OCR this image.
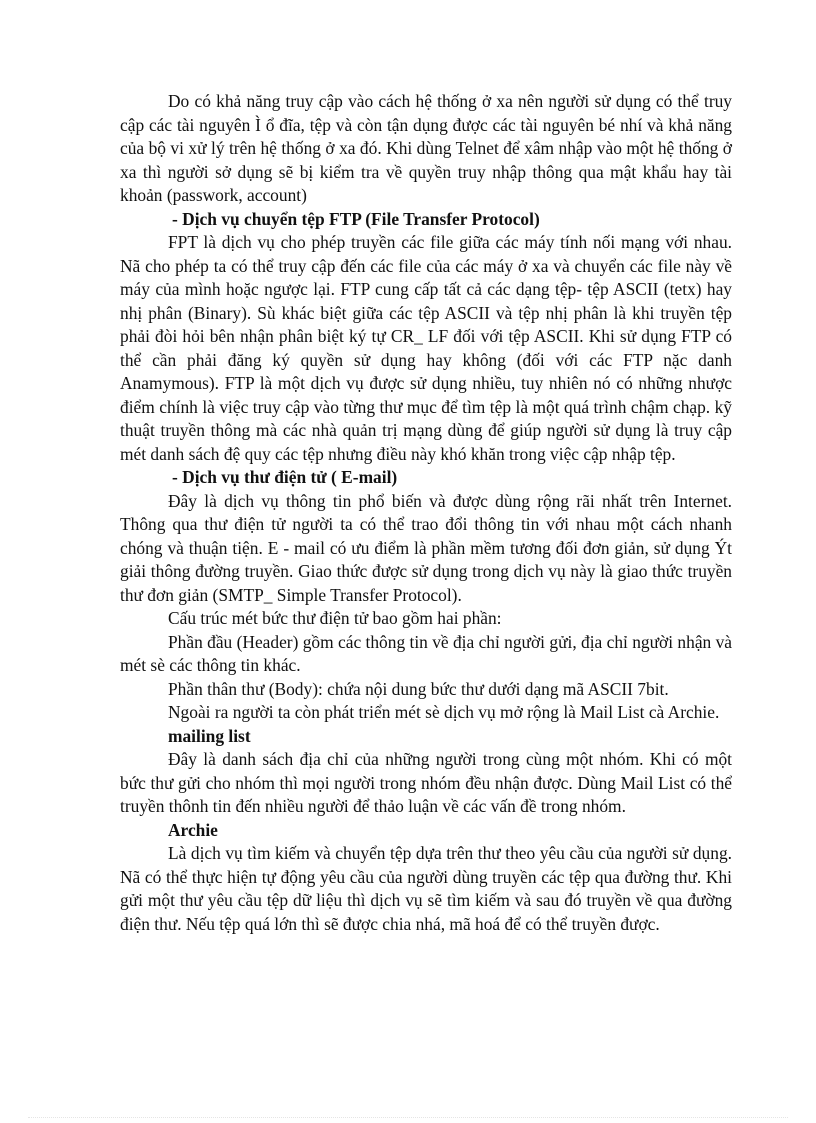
Do có khả năng truy cập vào cách hệ thống ở xa nên người sử dụng có thể truy cập các tài nguyên Ì ổ đĩa, tệp và còn tận dụng được các tài nguyên bé nhí và khả năng của bộ vi xử lý trên hệ thống ở xa đó. Khi dùng Telnet để xâm nhập vào một hệ thống ở xa thì người sở dụng sẽ bị kiểm tra về quyền truy nhập thông qua mật khẩu hay tài khoản (passwork, account)

- Dịch vụ chuyển tệp FTP (File Transfer Protocol)

FPT là dịch vụ cho phép truyền các file giữa các máy tính nối mạng với nhau. Nã cho phép ta có thể truy cập đến các file của các máy ở xa và chuyển các file này về máy của mình hoặc ngược lại. FTP cung cấp tất cả các dạng tệp- tệp ASCII (tetx) hay nhị phân (Binary). Sù khác biệt giữa các tệp ASCII và tệp nhị phân là khi truyền tệp phải đòi hỏi bên nhận phân biệt ký tự CR_ LF đối với tệp ASCII. Khi sử dụng FTP có thể cần phải đăng ký quyền sử dụng hay không (đối với các FTP nặc danh Anamymous). FTP là một dịch vụ được sử dụng nhiều, tuy nhiên nó có những nhược điểm chính là việc truy cập vào từng thư mục để tìm tệp là một quá trình chậm chạp. kỹ thuật truyền thông mà các nhà quản trị mạng dùng để giúp người sử dụng là truy cập mét danh sách đệ quy các tệp nhưng điều này khó khăn trong việc cập nhập tệp.

- Dịch vụ thư điện tử ( E-mail)

Đây là dịch vụ thông tin phổ biến và được dùng rộng rãi nhất trên Internet. Thông qua thư điện tử người ta có thể trao đổi thông tin với nhau một cách nhanh chóng và thuận tiện. E - mail có ưu điểm là phần mềm tương đối đơn giản, sử dụng Ýt giải thông đường truyền. Giao thức được sử dụng trong dịch vụ này là giao thức truyền thư đơn giản (SMTP_ Simple Transfer Protocol).

Cấu trúc mét bức thư điện tử bao gồm hai phần:

Phần đầu (Header) gồm các thông tin về địa chỉ người gửi, địa chỉ người nhận và mét sè các thông tin khác.

Phần thân thư (Body): chứa nội dung bức thư dưới dạng mã ASCII 7bit.

Ngoài ra người ta còn phát triển mét sè dịch vụ mở rộng là Mail List cà Archie.

mailing list

Đây là danh sách địa chỉ của những người trong cùng một nhóm. Khi có một bức thư gửi cho nhóm thì mọi người trong nhóm đều nhận được. Dùng Mail List có thể truyền thônh tin đến nhiều người để thảo luận về các vấn đề trong nhóm.

Archie

Là dịch vụ tìm kiếm và chuyển tệp dựa trên thư theo yêu cầu của người sử dụng. Nã có thể thực hiện tự động yêu cầu của người dùng truyền các tệp qua đường thư. Khi gửi một thư yêu cầu tệp dữ liệu thì dịch vụ sẽ tìm kiếm và sau đó truyền về qua đường điện thư. Nếu tệp quá lớn thì sẽ được chia nhá, mã hoá để có thể truyền được.
